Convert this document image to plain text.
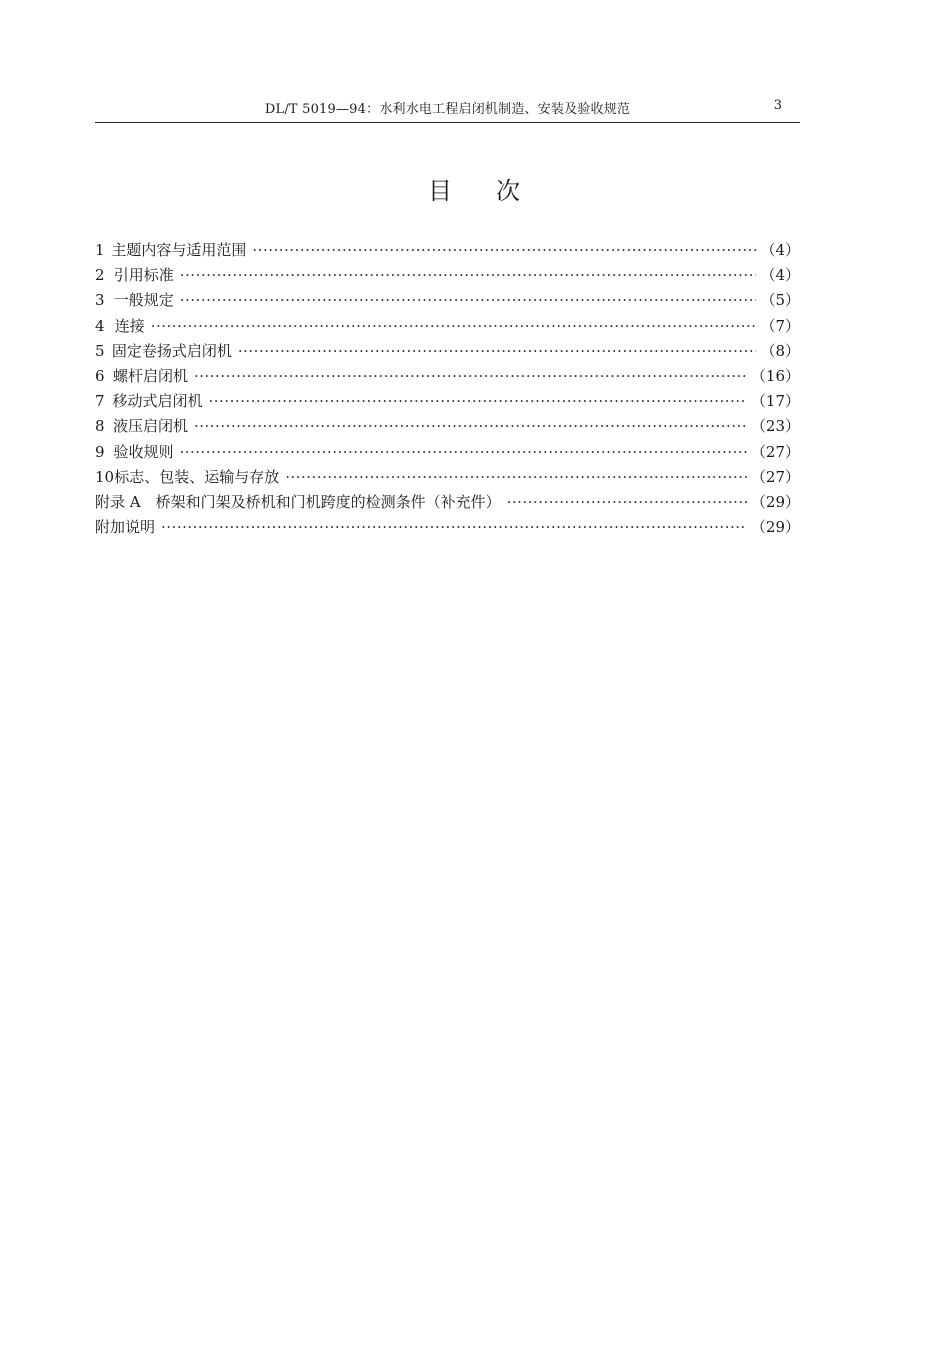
DL/T 5019—94：水利水电工程启闭机制造、安装及验收规范	3
目 次
1 主题内容与适用范围 ·····	（4）
2 引用标准 ·····	（4）
3 一般规定 ·····	（5）
4 连接 ·····	（7）
5 固定卷扬式启闭机 ·····	（8）
6 螺杆启闭机 ·····	（16）
7 移动式启闭机 ·····	（17）
8 液压启闭机 ·····	（23）
9 验收规则 ·····	（27）
10 标志、包装、运输与存放 ·····	（27）
附录 A　桥架和门架及桥机和门机跨度的检测条件（补充件） ·····	（29）
附加说明 ·····	（29）
